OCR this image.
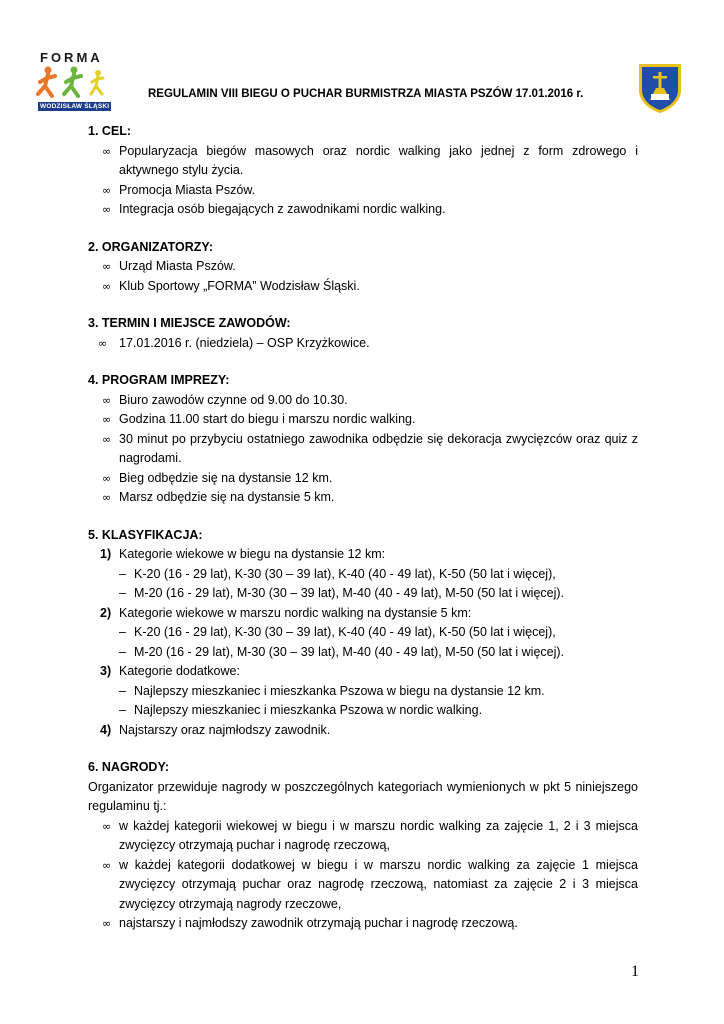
FORMA
WODZISŁAW ŚLĄSKI
REGULAMIN VIII BIEGU O PUCHAR BURMISTRZA MIASTA PSZÓW 17.01.2016 r.
1. CEL:
∞ Popularyzacja biegów masowych oraz nordic walking jako jednej z form zdrowego i aktywnego stylu życia.
∞ Promocja Miasta Pszów.
∞ Integracja osób biegających z zawodnikami nordic walking.
2. ORGANIZATORZY:
∞ Urząd Miasta Pszów.
∞ Klub Sportowy „FORMA” Wodzisław Śląski.
3. TERMIN I MIEJSCE ZAWODÓW:
∞ 17.01.2016 r. (niedziela) – OSP Krzyżkowice.
4. PROGRAM IMPREZY:
∞ Biuro zawodów czynne od 9.00 do 10.30.
∞ Godzina 11.00 start do biegu i marszu nordic walking.
∞ 30 minut po przybyciu ostatniego zawodnika odbędzie się dekoracja zwycięzców oraz quiz z nagrodami.
∞ Bieg odbędzie się na dystansie 12 km.
∞ Marsz odbędzie się na dystansie 5 km.
5. KLASYFIKACJA:
1) Kategorie wiekowe w biegu na dystansie 12 km:
– K-20 (16 - 29 lat), K-30 (30 – 39 lat), K-40 (40 - 49 lat), K-50 (50 lat i więcej),
– M-20 (16 - 29 lat), M-30 (30 – 39 lat), M-40 (40 - 49 lat), M-50 (50 lat i więcej).
2) Kategorie wiekowe w marszu nordic walking na dystansie 5 km:
– K-20 (16 - 29 lat), K-30 (30 – 39 lat), K-40 (40 - 49 lat), K-50 (50 lat i więcej),
– M-20 (16 - 29 lat), M-30 (30 – 39 lat), M-40 (40 - 49 lat), M-50 (50 lat i więcej).
3) Kategorie dodatkowe:
– Najlepszy mieszkaniec i mieszkanka Pszowa w biegu na dystansie 12 km.
– Najlepszy mieszkaniec i mieszkanka Pszowa w nordic walking.
4) Najstarszy oraz najmłodszy zawodnik.
6. NAGRODY:
Organizator przewiduje nagrody w poszczególnych kategoriach wymienionych w pkt 5 niniejszego regulaminu tj.:
∞ w każdej kategorii wiekowej w biegu i w marszu nordic walking za zajęcie 1, 2 i 3 miejsca zwycięzcy otrzymają puchar i nagrodę rzeczową,
∞ w każdej kategorii dodatkowej w biegu i w marszu nordic walking za zajęcie 1 miejsca zwycięzcy otrzymają puchar oraz nagrodę rzeczową, natomiast za zajęcie 2 i 3 miejsca zwycięzcy otrzymają nagrody rzeczowe,
∞ najstarszy i najmłodszy zawodnik otrzymają puchar i nagrodę rzeczową.
1
